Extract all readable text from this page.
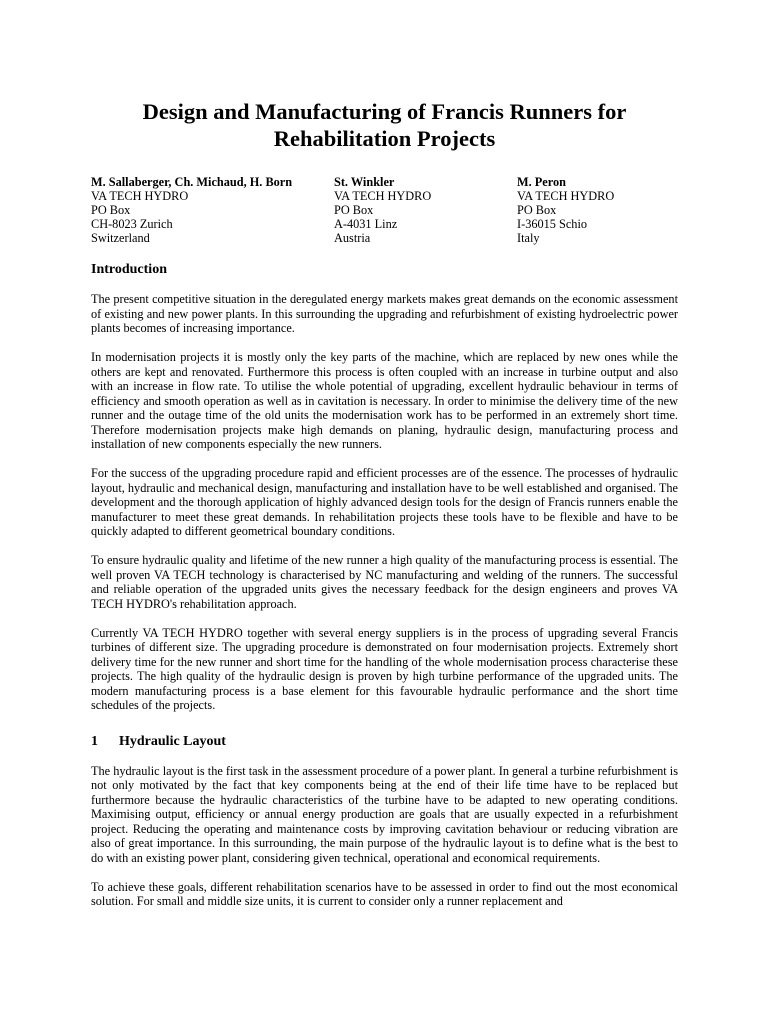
Design and Manufacturing of Francis Runners for
Rehabilitation Projects
M. Sallaberger, Ch. Michaud, H. Born
VA TECH HYDRO
PO Box
CH-8023 Zurich
Switzerland
St. Winkler
VA TECH HYDRO
PO Box
A-4031 Linz
Austria
M. Peron
VA TECH HYDRO
PO Box
I-36015 Schio
Italy
Introduction

The present competitive situation in the deregulated energy markets makes great demands on the economic assessment of existing and new power plants. In this surrounding the upgrading and refurbishment of existing hydroelectric power plants becomes of increasing importance.

In modernisation projects it is mostly only the key parts of the machine, which are replaced by new ones while the others are kept and renovated. Furthermore this process is often coupled with an increase in turbine output and also with an increase in flow rate. To utilise the whole potential of upgrading, excellent hydraulic behaviour in terms of efficiency and smooth operation as well as in cavitation is necessary. In order to minimise the delivery time of the new runner and the outage time of the old units the modernisation work has to be performed in an extremely short time. Therefore modernisation projects make high demands on planing, hydraulic design, manufacturing process and installation of new components especially the new runners.

For the success of the upgrading procedure rapid and efficient processes are of the essence. The processes of hydraulic layout, hydraulic and mechanical design, manufacturing and installation have to be well established and organised. The development and the thorough application of highly advanced design tools for the design of Francis runners enable the manufacturer to meet these great demands. In rehabilitation projects these tools have to be flexible and have to be quickly adapted to different geometrical boundary conditions.

To ensure hydraulic quality and lifetime of the new runner a high quality of the manufacturing process is essential. The well proven VA TECH technology is characterised by NC manufacturing and welding of the runners. The successful and reliable operation of the upgraded units gives the necessary feedback for the design engineers and proves VA TECH HYDRO's rehabilitation approach.

Currently VA TECH HYDRO together with several energy suppliers is in the process of upgrading several Francis turbines of different size. The upgrading procedure is demonstrated on four modernisation projects. Extremely short delivery time for the new runner and short time for the handling of the whole modernisation process characterise these projects. The high quality of the hydraulic design is proven by high turbine performance of the upgraded units. The modern manufacturing process is a base element for this favourable hydraulic performance and the short time schedules of the projects.

1 Hydraulic Layout

The hydraulic layout is the first task in the assessment procedure of a power plant. In general a turbine refurbishment is not only motivated by the fact that key components being at the end of their life time have to be replaced but furthermore because the hydraulic characteristics of the turbine have to be adapted to new operating conditions. Maximising output, efficiency or annual energy production are goals that are usually expected in a refurbishment project. Reducing the operating and maintenance costs by improving cavitation behaviour or reducing vibration are also of great importance. In this surrounding, the main purpose of the hydraulic layout is to define what is the best to do with an existing power plant, considering given technical, operational and economical requirements.

To achieve these goals, different rehabilitation scenarios have to be assessed in order to find out the most economical solution. For small and middle size units, it is current to consider only a runner replacement and
